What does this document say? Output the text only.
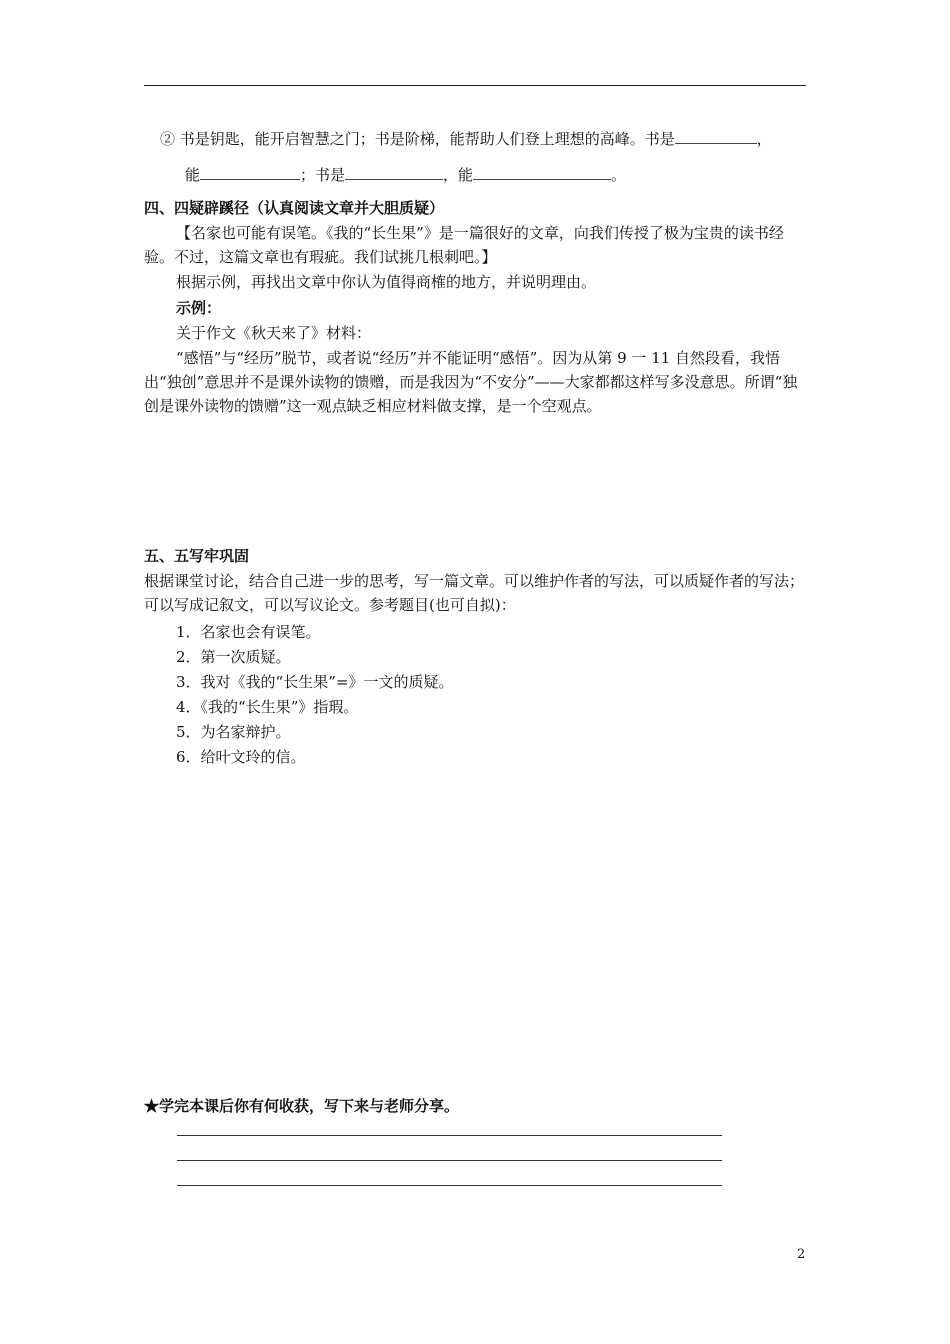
② 书是钥匙，能开启智慧之门；书是阶梯，能帮助人们登上理想的高峰。书是	，
能	；书是	，能	。
四、四疑辟蹊径（认真阅读文章并大胆质疑）
【名家也可能有误笔。《我的“长生果”》是一篇很好的文章，向我们传授了极为宝贵的读书经验。不过，这篇文章也有瑕疵。我们试挑几根刺吧。】
根据示例，再找出文章中你认为值得商榷的地方，并说明理由。
示例：
关于作文《秋天来了》材料：
“感悟”与“经历”脱节，或者说“经历”并不能证明“感悟”。因为从第 9 一 11 自然段看，我悟出“独创”意思并不是课外读物的馈赠，而是我因为“不安分”——大家都都这样写多没意思。所谓“独创是课外读物的馈赠”这一观点缺乏相应材料做支撑，是一个空观点。
五、五写牢巩固
根据课堂讨论，结合自己进一步的思考，写一篇文章。可以维护作者的写法，可以质疑作者的写法；可以写成记叙文，可以写议论文。参考题目(也可自拟)：
1．名家也会有误笔。
2．第一次质疑。
3．我对《我的“长生果”=》一文的质疑。
4．《我的“长生果”》指瑕。
5．为名家辩护。
6．给叶文玲的信。
★学完本课后你有何收获，写下来与老师分享。
2
